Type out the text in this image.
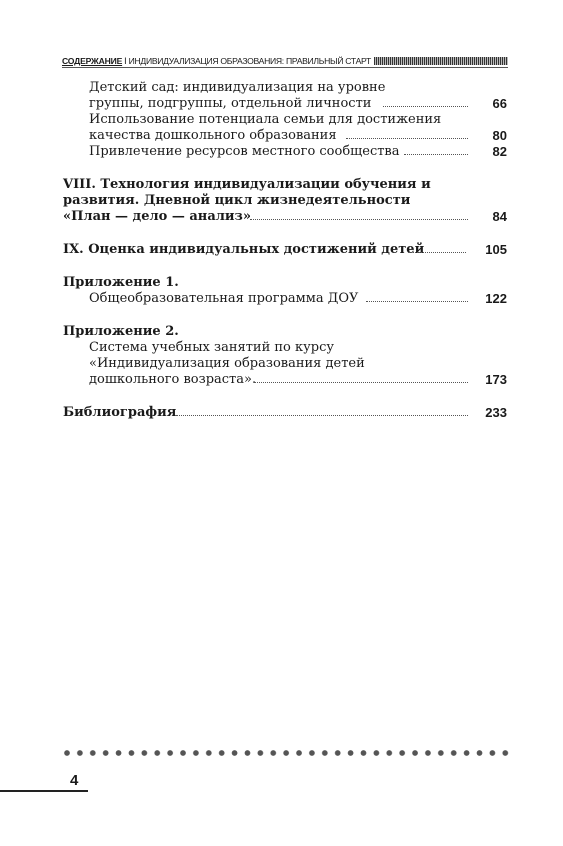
СОДЕРЖАНИЕ I ИНДИВИДУАЛИЗАЦИЯ ОБРАЗОВАНИЯ: ПРАВИЛЬНЫЙ СТАРТ
Детский сад: индивидуализация на уровне
группы, подгруппы, отдельной личности	66
Использование потенциала семьи для достижения
качества дошкольного образования	80
Привлечение ресурсов местного сообщества	82
VIII. Технология индивидуализации обучения и
развития. Дневной цикл жизнедеятельности
«План — дело — анализ»	84
IX. Оценка индивидуальных достижений детей	105
Приложение 1.
Общеобразовательная программа ДОУ	122
Приложение 2.
Система учебных занятий по курсу
«Индивидуализация образования детей
дошкольного возраста».	173
Библиография	233
4
